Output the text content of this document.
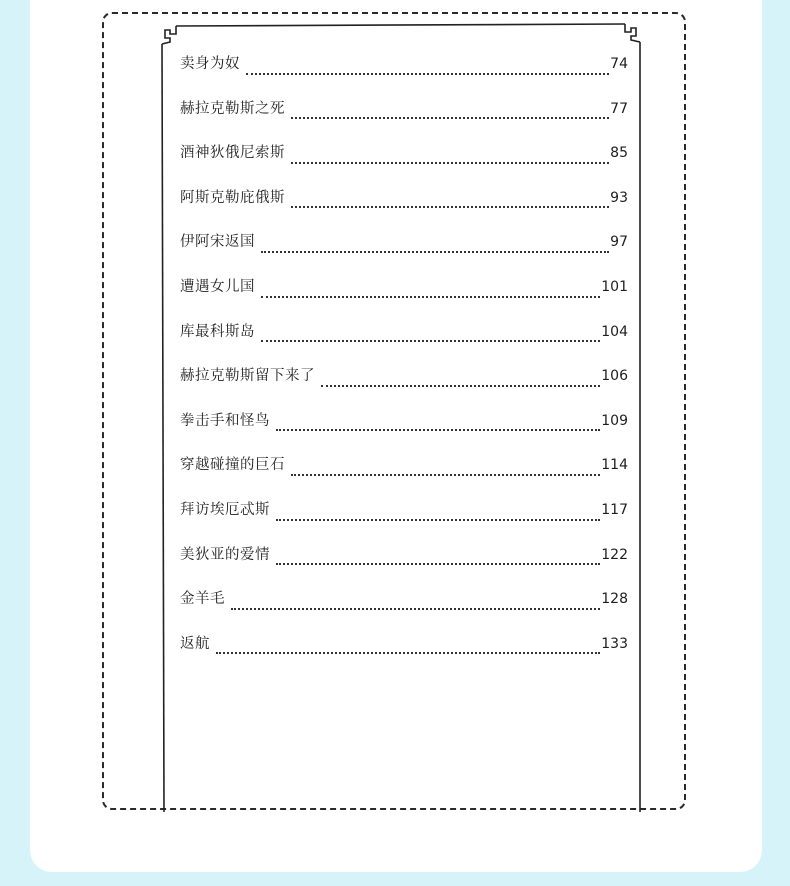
卖身为奴	74
赫拉克勒斯之死	77
酒神狄俄尼索斯	85
阿斯克勒庇俄斯	93
伊阿宋返国	97
遭遇女儿国	101
库最科斯岛	104
赫拉克勒斯留下来了	106
拳击手和怪鸟	109
穿越碰撞的巨石	114
拜访埃厄忒斯	117
美狄亚的爱情	122
金羊毛	128
返航	133
